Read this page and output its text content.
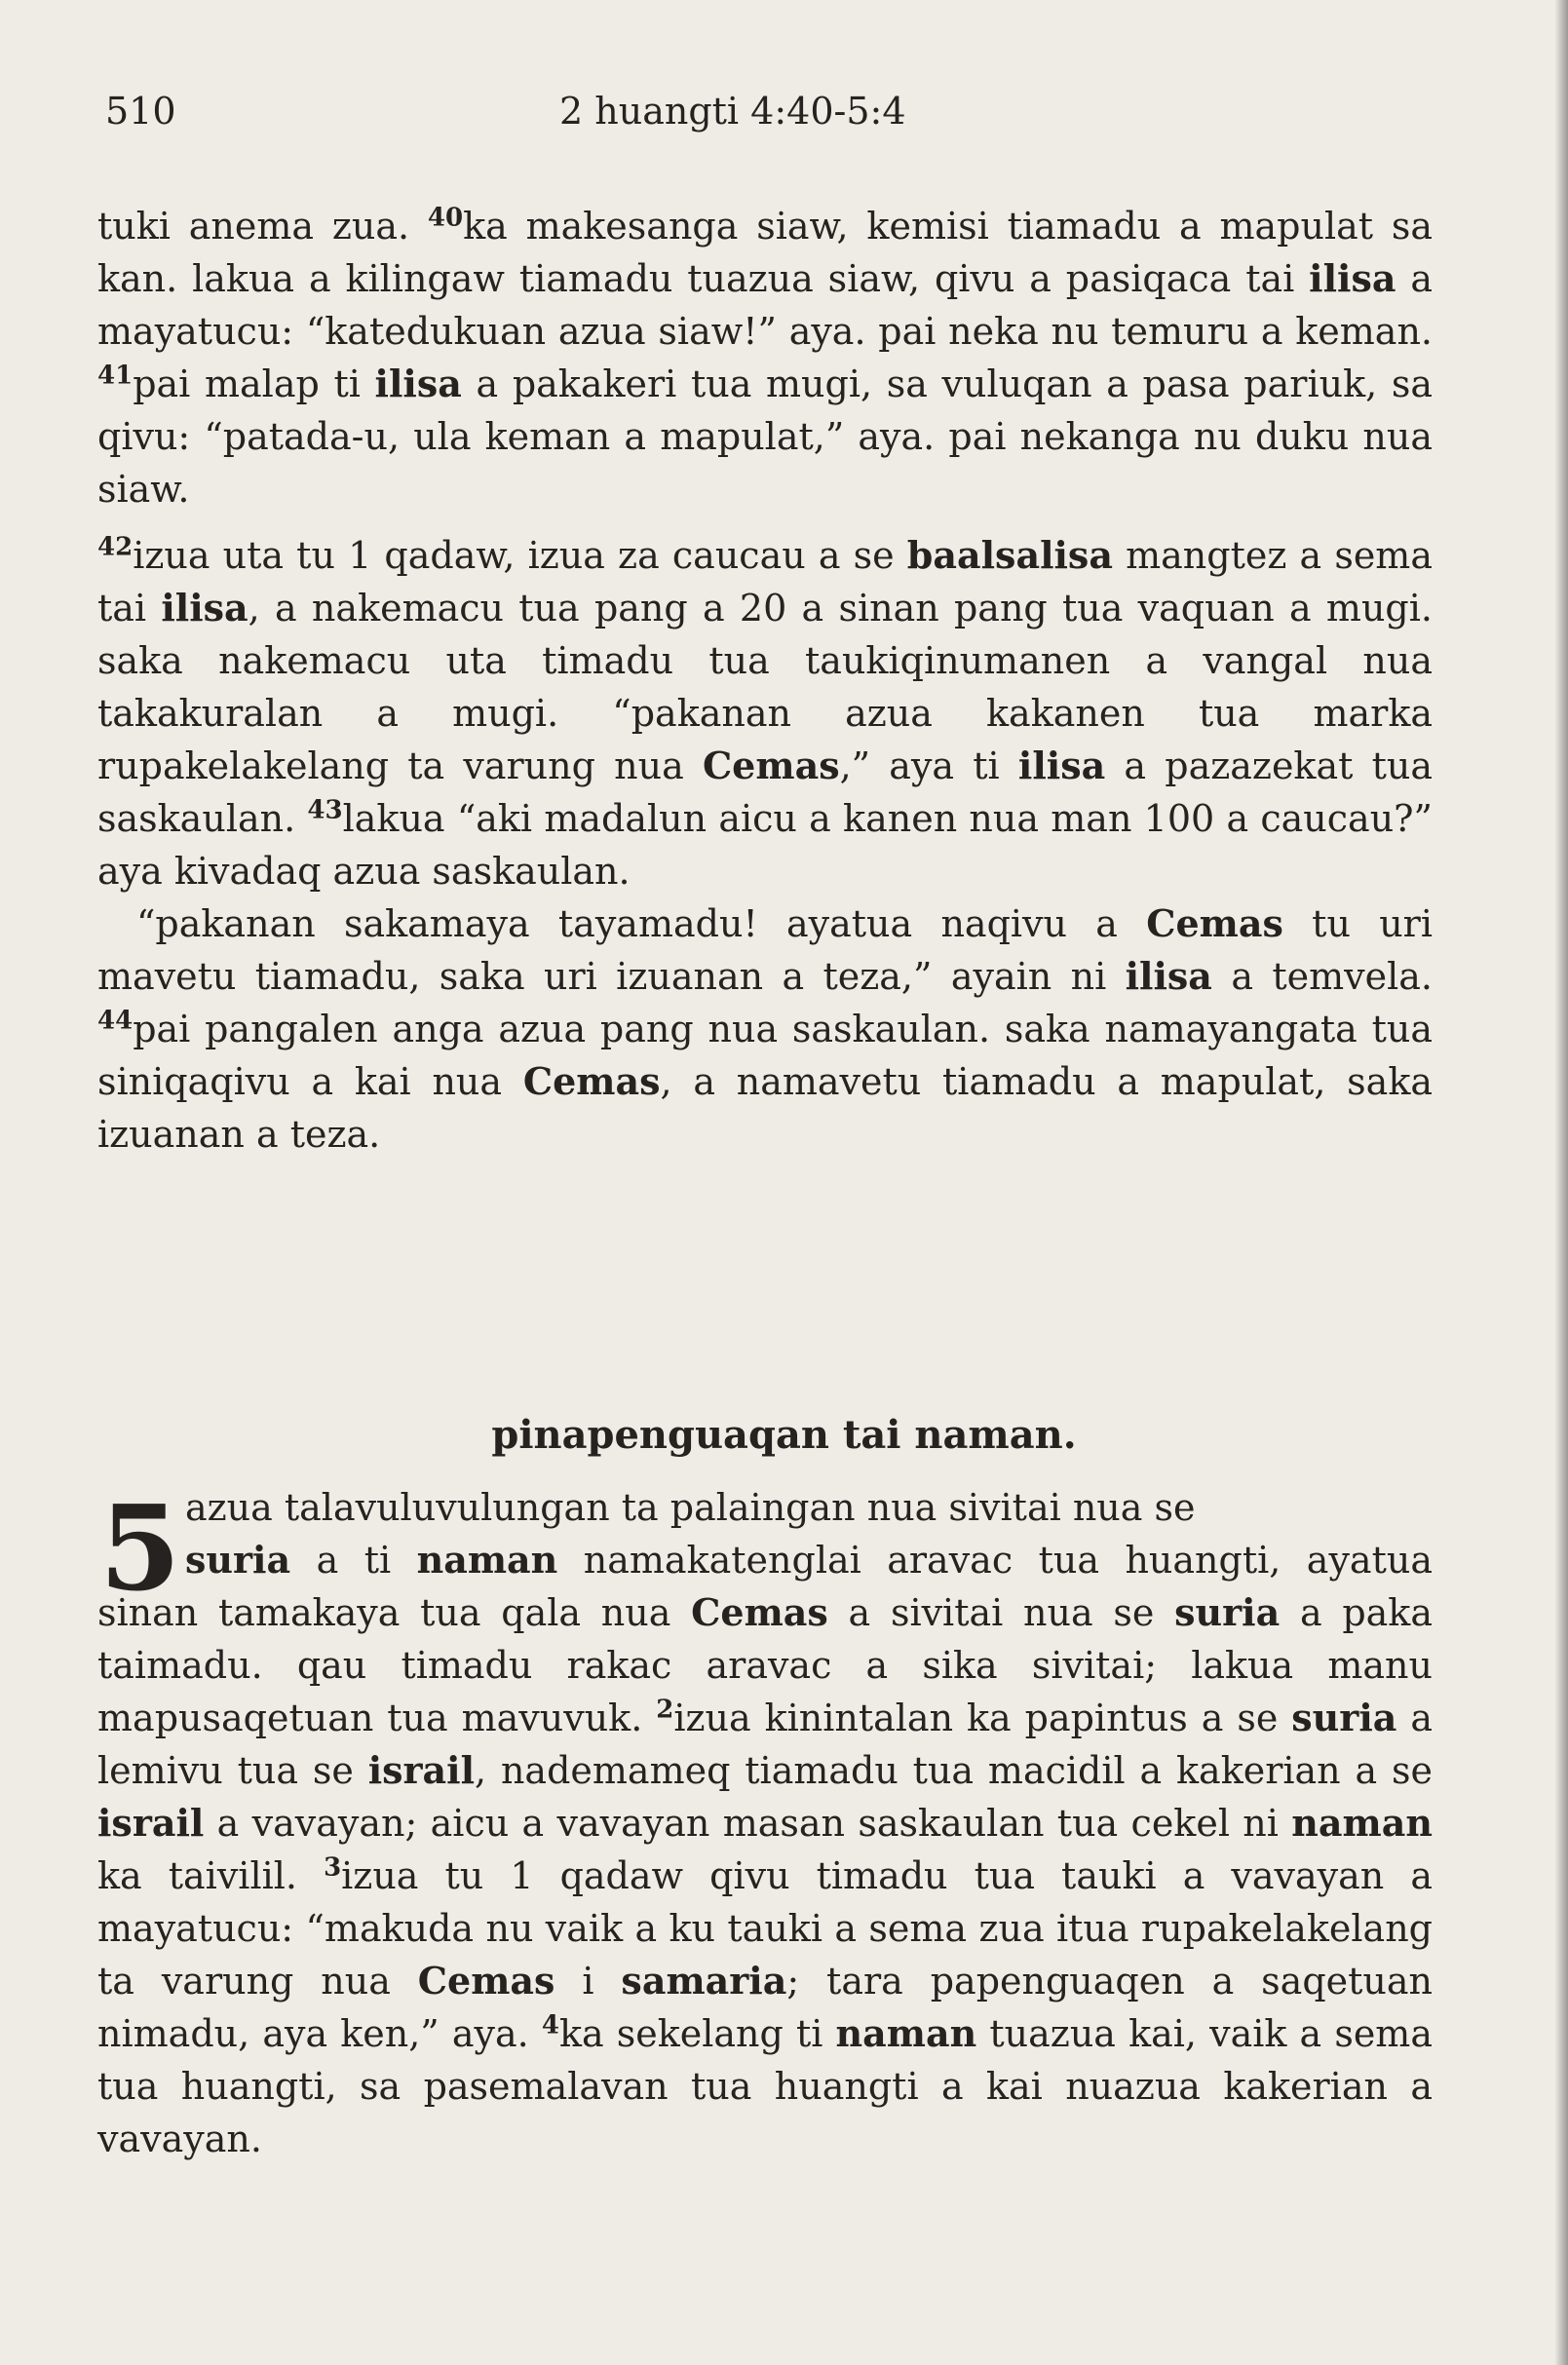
510	2 huangti 4:40-5:4

tuki anema zua. $^{40}$ka makesanga siaw, kemisi tiamadu a mapulat sa kan. lakua a kilingaw tiamadu tuazua siaw, qivu a pasiqaca tai ilisa a mayatucu: “katedukuan azua siaw!” aya. pai neka nu temuru a keman. $^{41}$pai malap ti ilisa a pakakeri tua mugi, sa vuluqan a pasa pariuk, sa qivu: “patada-u, ula keman a mapulat,” aya. pai nekanga nu duku nua siaw.

$^{42}$izua uta tu 1 qadaw, izua za caucau a se baalsalisa mangtez a sema tai ilisa, a nakemacu tua pang a 20 a sinan pang tua vaquan a mugi. saka nakemacu uta timadu tua taukiqinumanen a vangal nua takakuralan a mugi. “pakanan azua kakanen tua marka rupakelakelang ta varung nua Cemas,” aya ti ilisa a pazazekat tua saskaulan. $^{43}$lakua “aki madalun aicu a kanen nua man 100 a caucau?” aya kivadaq azua saskaulan.

“pakanan sakamaya tayamadu! ayatua naqivu a Cemas tu uri mavetu tiamadu, saka uri izuanan a teza,” ayain ni ilisa a temvela. $^{44}$pai pangalen anga azua pang nua saskaulan. saka namayangata tua siniqaqivu a kai nua Cemas, a namavetu tiamadu a mapulat, saka izuanan a teza.

pinapenguaqan tai naman.
5 azua talavuluvulungan ta palaingan nua sivitai nua se
suria a ti naman namakatenglai aravac tua huangti, ayatua sinan tamakaya tua qala nua Cemas a sivitai nua se suria a paka taimadu. qau timadu rakac aravac a sika sivitai; lakua manu mapusaqetuan tua mavuvuk. $^2$izua kinintalan ka papintus a se suria a lemivu tua se israil, nademameq tiamadu tua macidil a kakerian a se israil a vavayan; aicu a vavayan masan saskaulan tua cekel ni naman ka taivilil. $^3$izua tu 1 qadaw qivu timadu tua tauki a vavayan a mayatucu: “makuda nu vaik a ku tauki a sema zua itua rupakelakelang ta varung nua Cemas i samaria; tara papenguaqen a saqetuan nimadu, aya ken,” aya. $^4$ka sekelang ti naman tuazua kai, vaik a sema tua huangti, sa pasemalavan tua huangti a kai nuazua kakerian a vavayan.
